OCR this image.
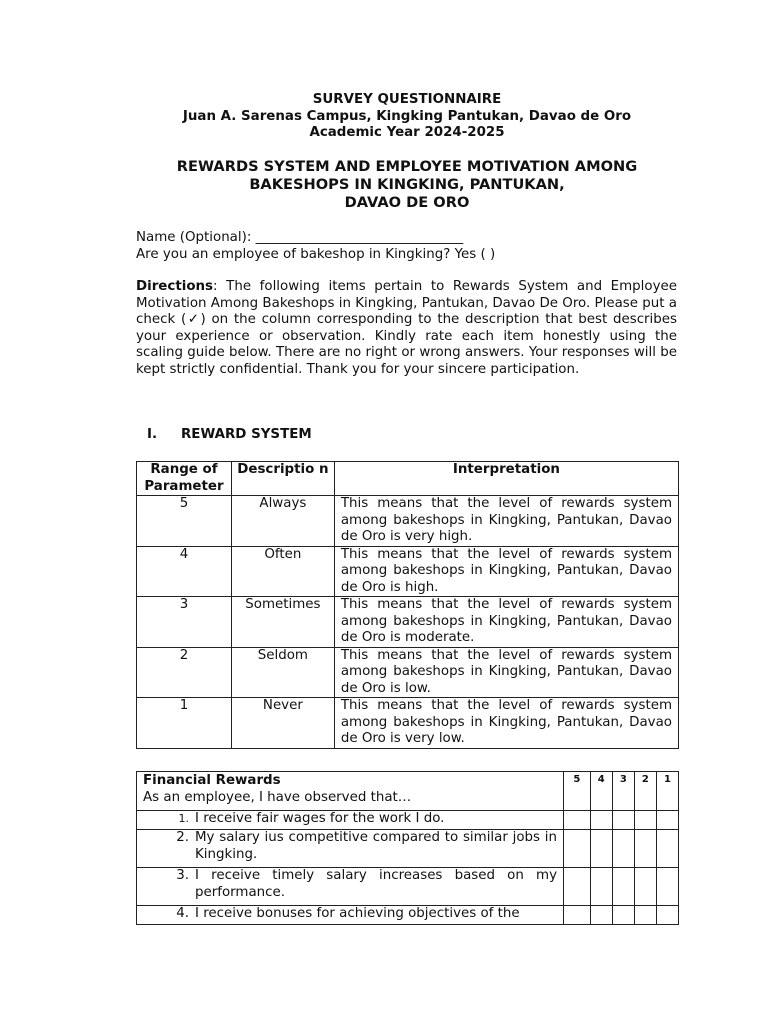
SURVEY QUESTIONNAIRE
Juan A. Sarenas Campus, Kingking Pantukan, Davao de Oro
Academic Year 2024-2025
REWARDS SYSTEM AND EMPLOYEE MOTIVATION AMONG
BAKESHOPS IN KINGKING, PANTUKAN,
DAVAO DE ORO
Name (Optional): _______________________________
Are you an employee of bakeshop in Kingking? Yes ( )
Directions: The following items pertain to Rewards System and Employee Motivation Among Bakeshops in Kingking, Pantukan, Davao De Oro. Please put a check (✓) on the column corresponding to the description that best describes your experience or observation. Kindly rate each item honestly using the scaling guide below. There are no right or wrong answers. Your responses will be kept strictly confidential. Thank you for your sincere participation.
I. REWARD SYSTEM
Range of Parameter	Descriptio n	Interpretation
5	Always	This means that the level of rewards system among bakeshops in Kingking, Pantukan, Davao de Oro is very high.
4	Often	This means that the level of rewards system among bakeshops in Kingking, Pantukan, Davao de Oro is high.
3	Sometimes	This means that the level of rewards system among bakeshops in Kingking, Pantukan, Davao de Oro is moderate.
2	Seldom	This means that the level of rewards system among bakeshops in Kingking, Pantukan, Davao de Oro is low.
1	Never	This means that the level of rewards system among bakeshops in Kingking, Pantukan, Davao de Oro is very low.
Financial Rewards
As an employee, I have observed that…	5	4	3	2	1
1. I receive fair wages for the work I do.					
2. My salary ius competitive compared to similar jobs in Kingking.					
3. I receive timely salary increases based on my performance.					
4. I receive bonuses for achieving objectives of the					
